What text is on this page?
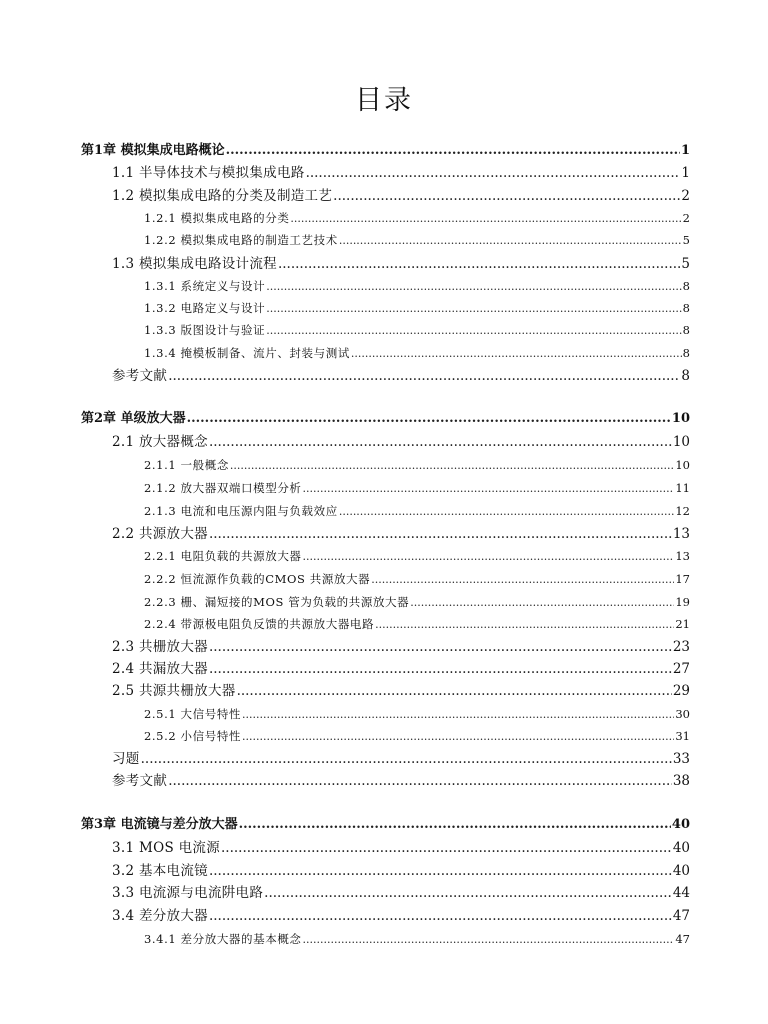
目录
第1章 模拟集成电路概论 .....	1
1.1 半导体技术与模拟集成电路 .....	1
1.2 模拟集成电路的分类及制造工艺 .....	2
1.2.1 模拟集成电路的分类 .....	2
1.2.2 模拟集成电路的制造工艺技术 .....	5
1.3 模拟集成电路设计流程 .....	5
1.3.1 系统定义与设计 .....	8
1.3.2 电路定义与设计 .....	8
1.3.3 版图设计与验证 .....	8
1.3.4 掩模板制备、流片、封装与测试 .....	8
参考文献 .....	8
第2章 单级放大器 .....	10
2.1 放大器概念 .....	10
2.1.1 一般概念 .....	10
2.1.2 放大器双端口模型分析 .....	11
2.1.3 电流和电压源内阻与负载效应 .....	12
2.2 共源放大器 .....	13
2.2.1 电阻负载的共源放大器 .....	13
2.2.2 恒流源作负载的CMOS 共源放大器 .....	17
2.2.3 栅、漏短接的MOS 管为负载的共源放大器 .....	19
2.2.4 带源极电阻负反馈的共源放大器电路 .....	21
2.3 共栅放大器 .....	23
2.4 共漏放大器 .....	27
2.5 共源共栅放大器 .....	29
2.5.1 大信号特性 .....	30
2.5.2 小信号特性 .....	31
习题 .....	33
参考文献 .....	38
第3章 电流镜与差分放大器 .....	40
3.1 MOS 电流源 .....	40
3.2 基本电流镜 .....	40
3.3 电流源与电流阱电路 .....	44
3.4 差分放大器 .....	47
3.4.1 差分放大器的基本概念 .....	47
